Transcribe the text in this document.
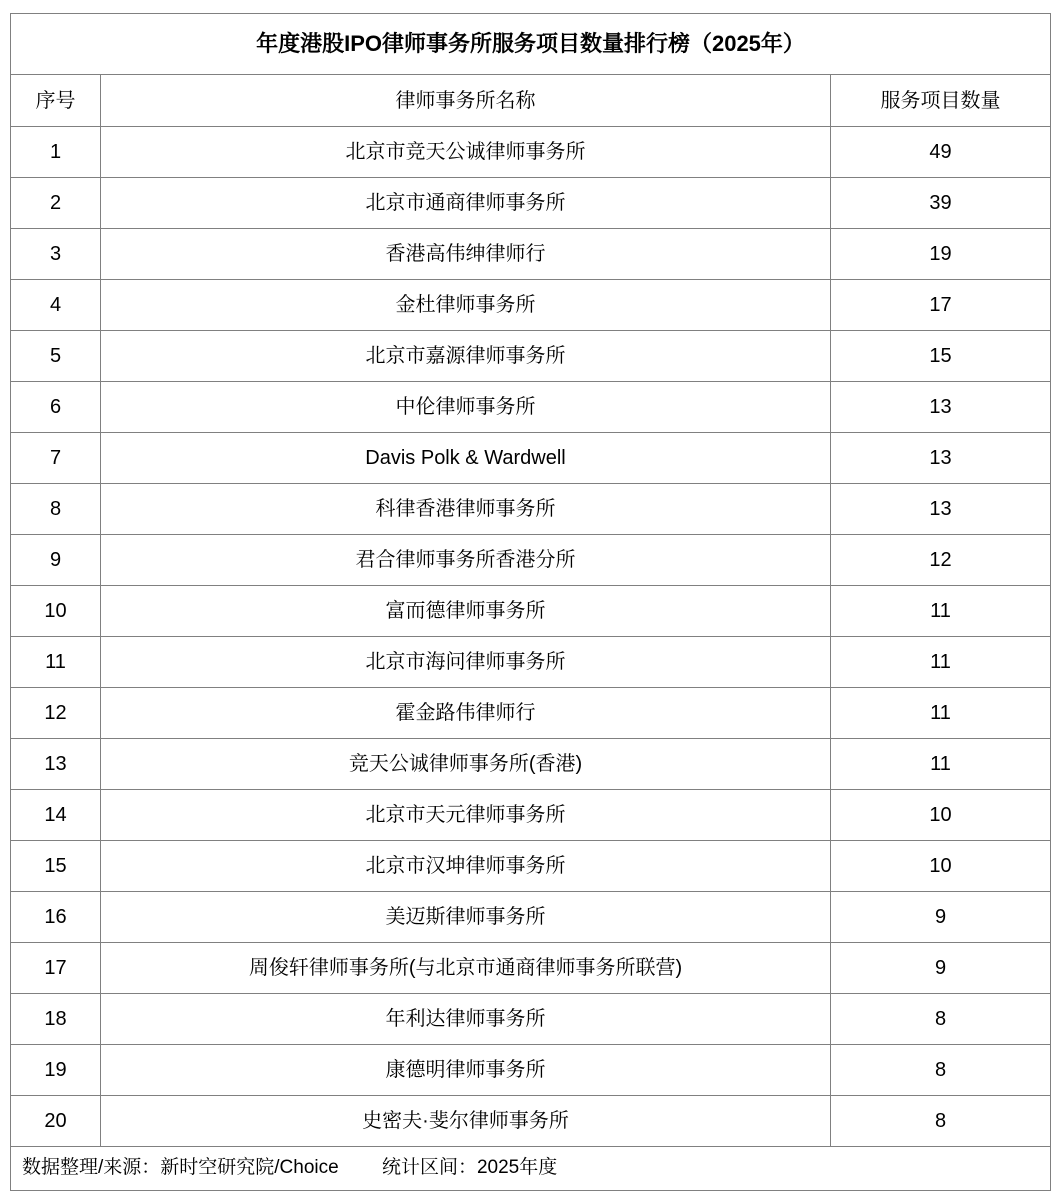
年度港股IPO律师事务所服务项目数量排行榜（2025年）		
序号	律师事务所名称	服务项目数量
1	北京市竞天公诚律师事务所	49
2	北京市通商律师事务所	39
3	香港高伟绅律师行	19
4	金杜律师事务所	17
5	北京市嘉源律师事务所	15
6	中伦律师事务所	13
7	Davis Polk & Wardwell	13
8	科律香港律师事务所	13
9	君合律师事务所香港分所	12
10	富而德律师事务所	11
11	北京市海问律师事务所	11
12	霍金路伟律师行	11
13	竞天公诚律师事务所(香港)	11
14	北京市天元律师事务所	10
15	北京市汉坤律师事务所	10
16	美迈斯律师事务所	9
17	周俊轩律师事务所(与北京市通商律师事务所联营)	9
18	年利达律师事务所	8
19	康德明律师事务所	8
20	史密夫·斐尔律师事务所	8
数据整理/来源：新时空研究院/Choice 统计区间：2025年度		
